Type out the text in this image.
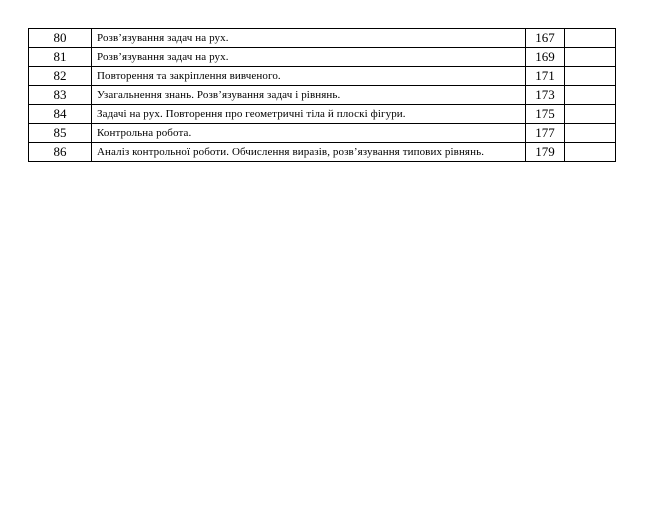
80	Розв’язування задач на рух.	167	
81	Розв’язування задач на рух.	169	
82	Повторення та закріплення вивченого.	171	
83	Узагальнення знань. Розв’язування задач і рівнянь.	173	
84	Задачі на рух. Повторення про геометричні тіла й плоскі фігури.	175	
85	Контрольна робота.	177	
86	Аналіз контрольної роботи. Обчислення виразів, розв’язування типових рівнянь.	179	
